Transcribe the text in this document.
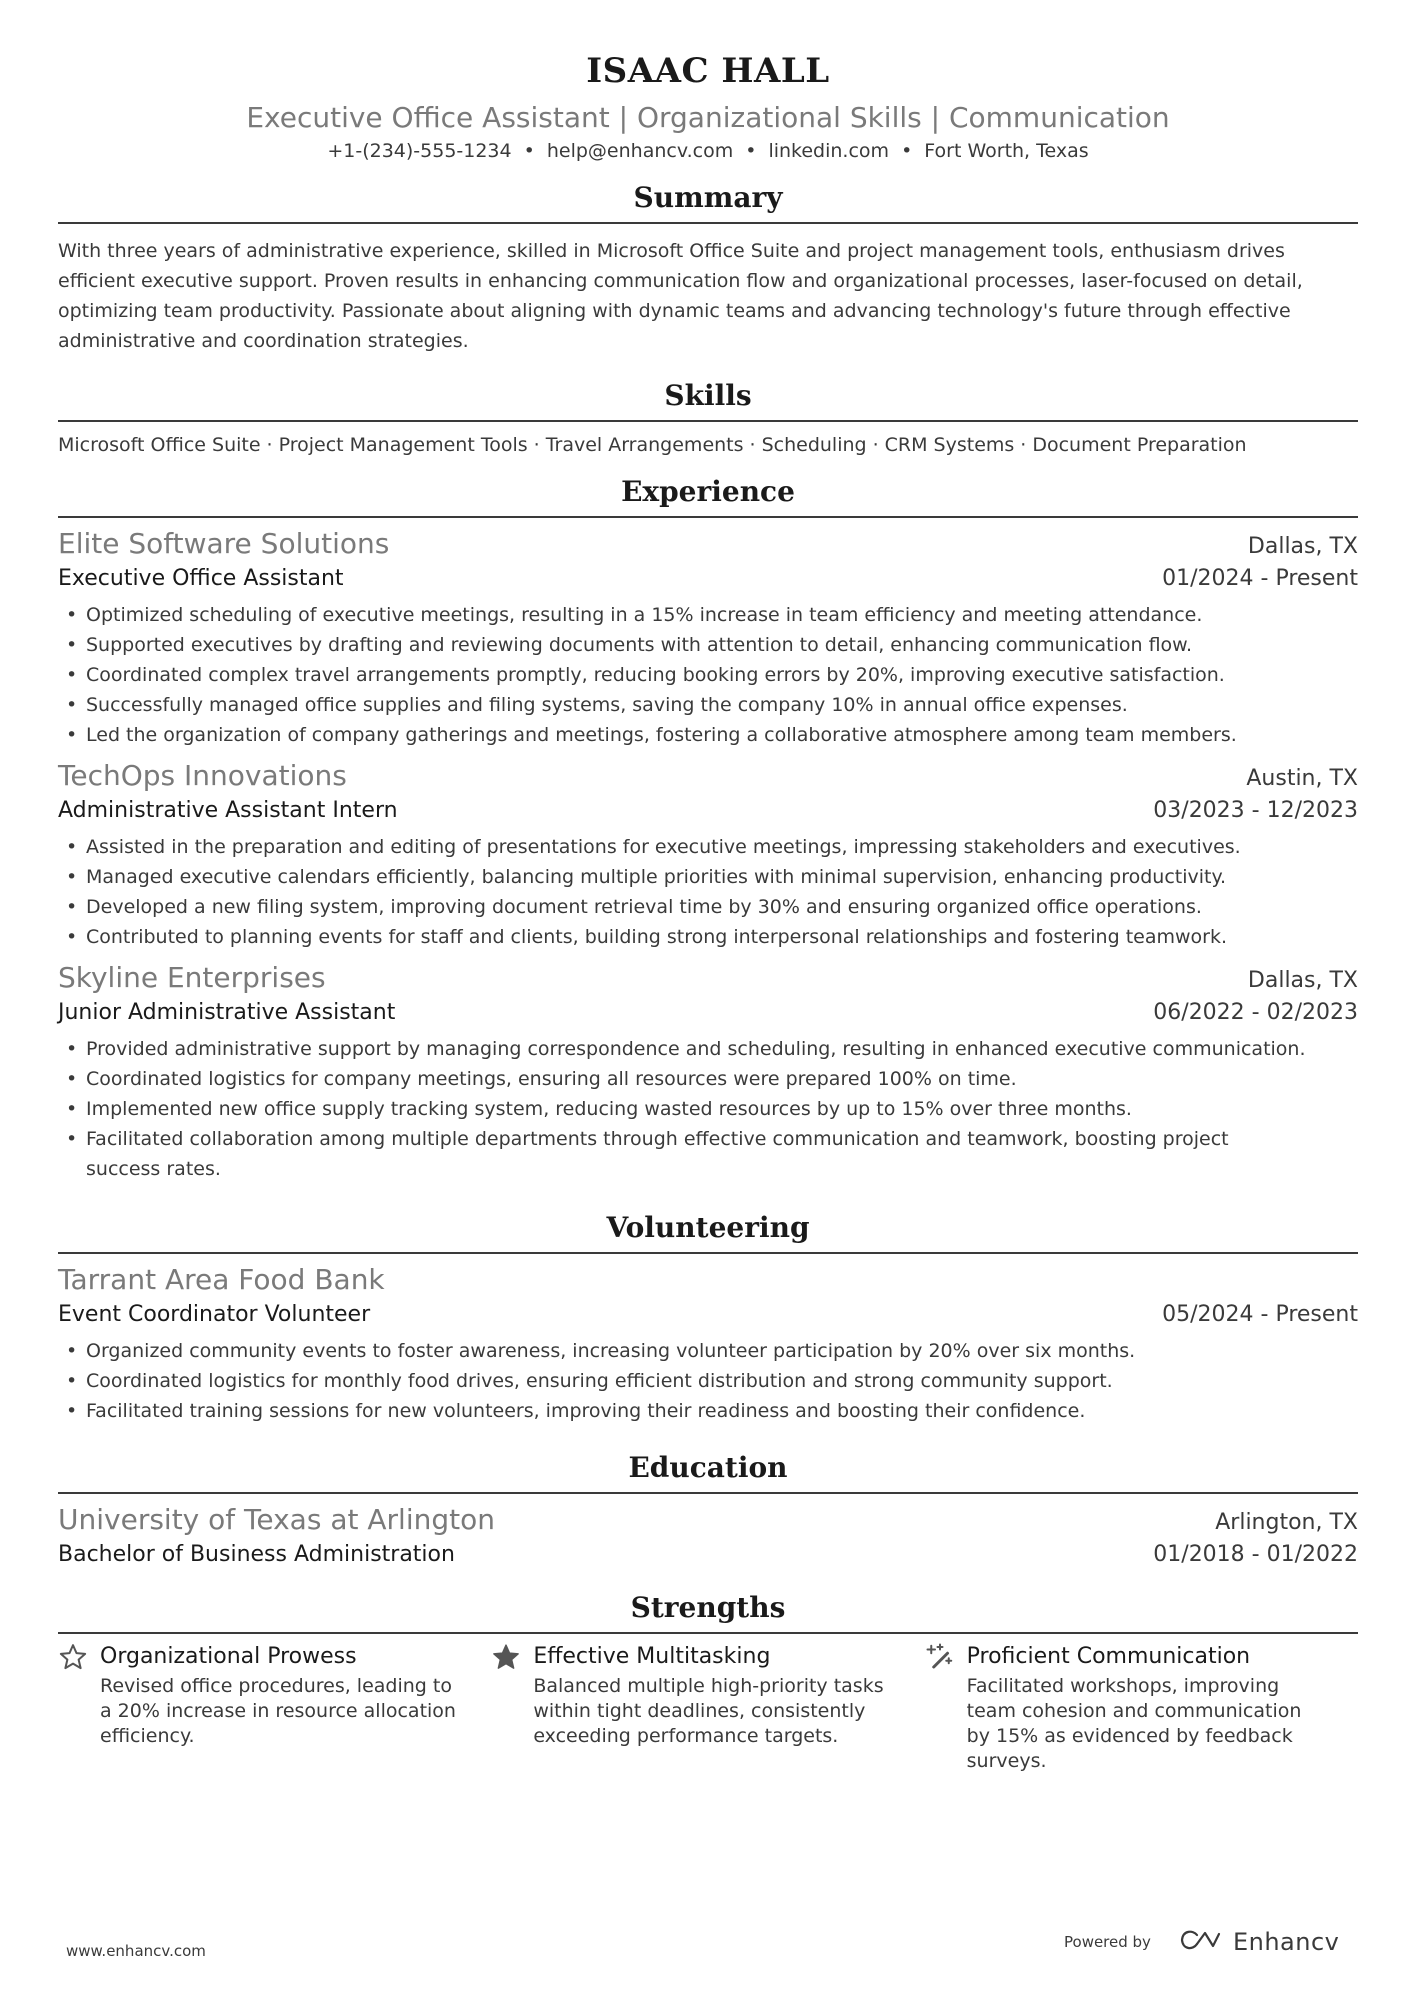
ISAAC HALL
Executive Office Assistant | Organizational Skills | Communication
+1-(234)-555-1234 • help@enhancv.com • linkedin.com • Fort Worth, Texas
Summary
With three years of administrative experience, skilled in Microsoft Office Suite and project management tools, enthusiasm drives efficient executive support. Proven results in enhancing communication flow and organizational processes, laser-focused on detail, optimizing team productivity. Passionate about aligning with dynamic teams and advancing technology's future through effective administrative and coordination strategies.
Skills
Microsoft Office Suite · Project Management Tools · Travel Arrangements · Scheduling · CRM Systems · Document Preparation
Experience
Elite Software Solutions	Dallas, TX
Executive Office Assistant	01/2024 - Present
• Optimized scheduling of executive meetings, resulting in a 15% increase in team efficiency and meeting attendance.
• Supported executives by drafting and reviewing documents with attention to detail, enhancing communication flow.
• Coordinated complex travel arrangements promptly, reducing booking errors by 20%, improving executive satisfaction.
• Successfully managed office supplies and filing systems, saving the company 10% in annual office expenses.
• Led the organization of company gatherings and meetings, fostering a collaborative atmosphere among team members.
TechOps Innovations	Austin, TX
Administrative Assistant Intern	03/2023 - 12/2023
• Assisted in the preparation and editing of presentations for executive meetings, impressing stakeholders and executives.
• Managed executive calendars efficiently, balancing multiple priorities with minimal supervision, enhancing productivity.
• Developed a new filing system, improving document retrieval time by 30% and ensuring organized office operations.
• Contributed to planning events for staff and clients, building strong interpersonal relationships and fostering teamwork.
Skyline Enterprises	Dallas, TX
Junior Administrative Assistant	06/2022 - 02/2023
• Provided administrative support by managing correspondence and scheduling, resulting in enhanced executive communication.
• Coordinated logistics for company meetings, ensuring all resources were prepared 100% on time.
• Implemented new office supply tracking system, reducing wasted resources by up to 15% over three months.
• Facilitated collaboration among multiple departments through effective communication and teamwork, boosting project success rates.
Volunteering
Tarrant Area Food Bank
Event Coordinator Volunteer	05/2024 - Present
• Organized community events to foster awareness, increasing volunteer participation by 20% over six months.
• Coordinated logistics for monthly food drives, ensuring efficient distribution and strong community support.
• Facilitated training sessions for new volunteers, improving their readiness and boosting their confidence.
Education
University of Texas at Arlington	Arlington, TX
Bachelor of Business Administration	01/2018 - 01/2022
Strengths
Organizational Prowess
Revised office procedures, leading to a 20% increase in resource allocation efficiency.
Effective Multitasking
Balanced multiple high-priority tasks within tight deadlines, consistently exceeding performance targets.
Proficient Communication
Facilitated workshops, improving team cohesion and communication by 15% as evidenced by feedback surveys.
www.enhancv.com	Powered by	Enhancv
